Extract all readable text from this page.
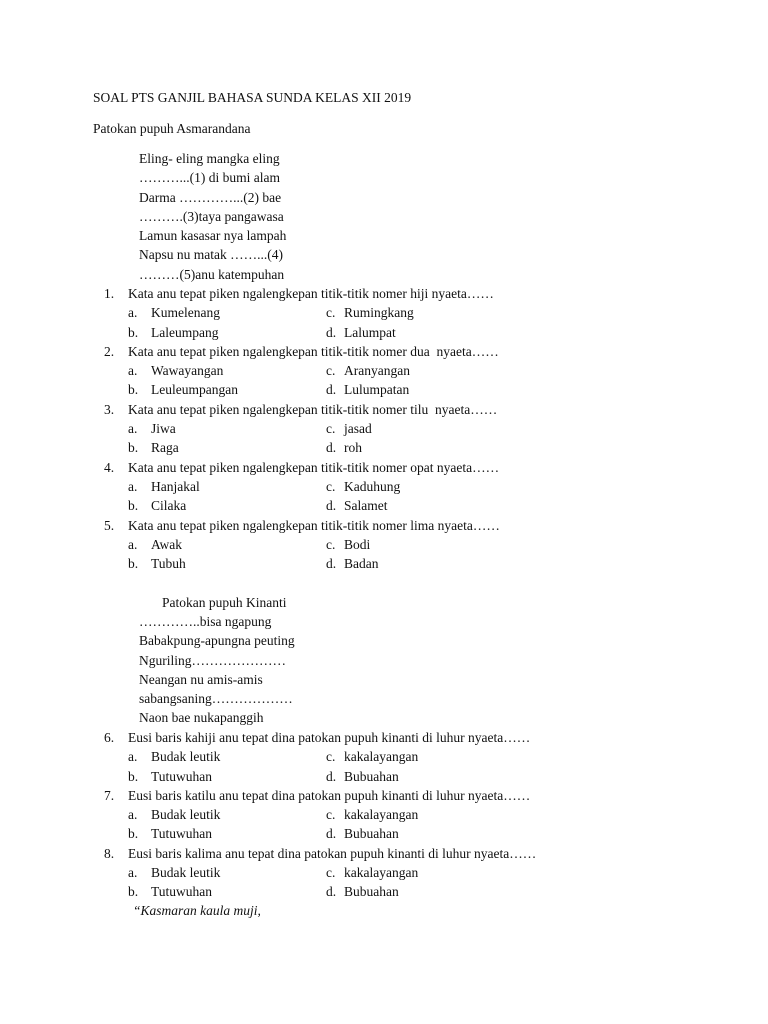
SOAL PTS GANJIL BAHASA SUNDA KELAS XII 2019
Patokan pupuh Asmarandana
Eling- eling mangka eling
………...(1) di bumi alam
Darma …………...(2) bae
……….(3)taya pangawasa
Lamun kasasar nya lampah
Napsu nu matak ……...(4)
………(5)anu katempuhan
1. Kata anu tepat piken ngalengkepan titik-titik nomer hiji nyaeta……
a. Kumelenang	c. Rumingkang
b. Laleumpang	d. Lalumpat
2. Kata anu tepat piken ngalengkepan titik-titik nomer dua  nyaeta……
a. Wawayangan	c. Aranyangan
b. Leuleumpangan	d. Lulumpatan
3. Kata anu tepat piken ngalengkepan titik-titik nomer tilu  nyaeta……
a. Jiwa	c. jasad
b. Raga	d. roh
4. Kata anu tepat piken ngalengkepan titik-titik nomer opat nyaeta……
a. Hanjakal	c. Kaduhung
b. Cilaka	d. Salamet
5. Kata anu tepat piken ngalengkepan titik-titik nomer lima nyaeta……
a. Awak	c. Bodi
b. Tubuh	d. Badan
Patokan pupuh Kinanti
…………..bisa ngapung
Babakpung-apungna peuting
Nguriling…………………
Neangan nu amis-amis
sabangsaning………………
Naon bae nukapanggih
6. Eusi baris kahiji anu tepat dina patokan pupuh kinanti di luhur nyaeta……
a. Budak leutik	c. kakalayangan
b. Tutuwuhan	d. Bubuahan
7. Eusi baris katilu anu tepat dina patokan pupuh kinanti di luhur nyaeta……
a. Budak leutik	c. kakalayangan
b. Tutuwuhan	d. Bubuahan
8. Eusi baris kalima anu tepat dina patokan pupuh kinanti di luhur nyaeta……
a. Budak leutik	c. kakalayangan
b. Tutuwuhan	d. Bubuahan
“Kasmaran kaula muji,
